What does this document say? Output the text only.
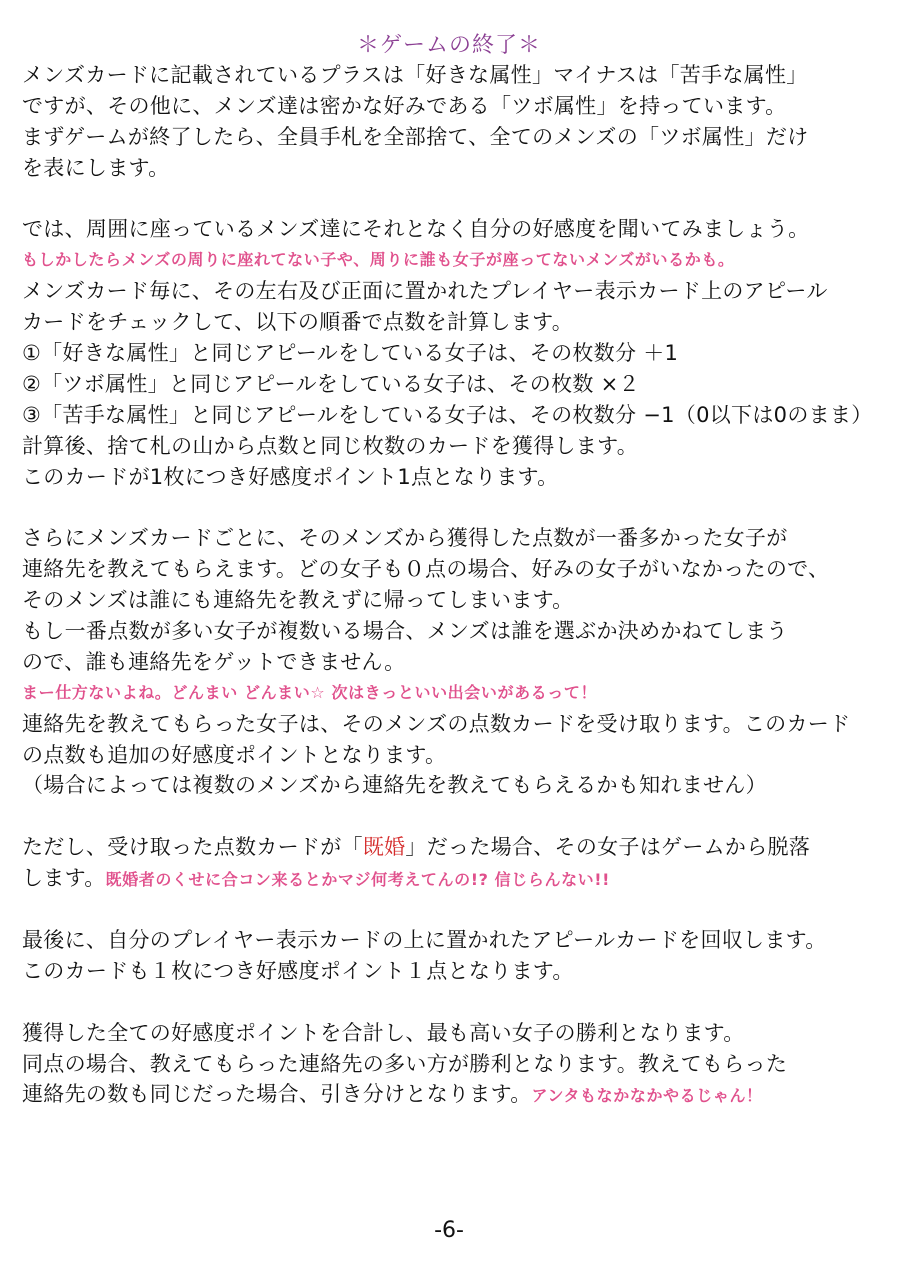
＊ゲームの終了＊
メンズカードに記載されているプラスは「好きな属性」マイナスは「苦手な属性」
ですが、その他に、メンズ達は密かな好みである「ツボ属性」を持っています。
まずゲームが終了したら、全員手札を全部捨て、全てのメンズの「ツボ属性」だけ
を表にします。
では、周囲に座っているメンズ達にそれとなく自分の好感度を聞いてみましょう。
もしかしたらメンズの周りに座れてない子や、周りに誰も女子が座ってないメンズがいるかも。
メンズカード毎に、その左右及び正面に置かれたプレイヤー表示カード上のアピール
カードをチェックして、以下の順番で点数を計算します。
①「好きな属性」と同じアピールをしている女子は、その枚数分 ＋1
②「ツボ属性」と同じアピールをしている女子は、その枚数 ×２
③「苦手な属性」と同じアピールをしている女子は、その枚数分 −1（0以下は0のまま）
計算後、捨て札の山から点数と同じ枚数のカードを獲得します。
このカードが1枚につき好感度ポイント1点となります。
さらにメンズカードごとに、そのメンズから獲得した点数が一番多かった女子が
連絡先を教えてもらえます。どの女子も０点の場合、好みの女子がいなかったので、
そのメンズは誰にも連絡先を教えずに帰ってしまいます。
もし一番点数が多い女子が複数いる場合、メンズは誰を選ぶか決めかねてしまう
ので、誰も連絡先をゲットできません。
まー仕方ないよね。どんまい どんまい☆ 次はきっといい出会いがあるって！
連絡先を教えてもらった女子は、そのメンズの点数カードを受け取ります。このカード
の点数も追加の好感度ポイントとなります。
（場合によっては複数のメンズから連絡先を教えてもらえるかも知れません）
ただし、受け取った点数カードが「既婚」だった場合、その女子はゲームから脱落
します。既婚者のくせに合コン来るとかマジ何考えてんの!? 信じらんない!!
最後に、自分のプレイヤー表示カードの上に置かれたアピールカードを回収します。
このカードも１枚につき好感度ポイント１点となります。
獲得した全ての好感度ポイントを合計し、最も高い女子の勝利となります。
同点の場合、教えてもらった連絡先の多い方が勝利となります。教えてもらった
連絡先の数も同じだった場合、引き分けとなります。アンタもなかなかやるじゃん！
-6-
